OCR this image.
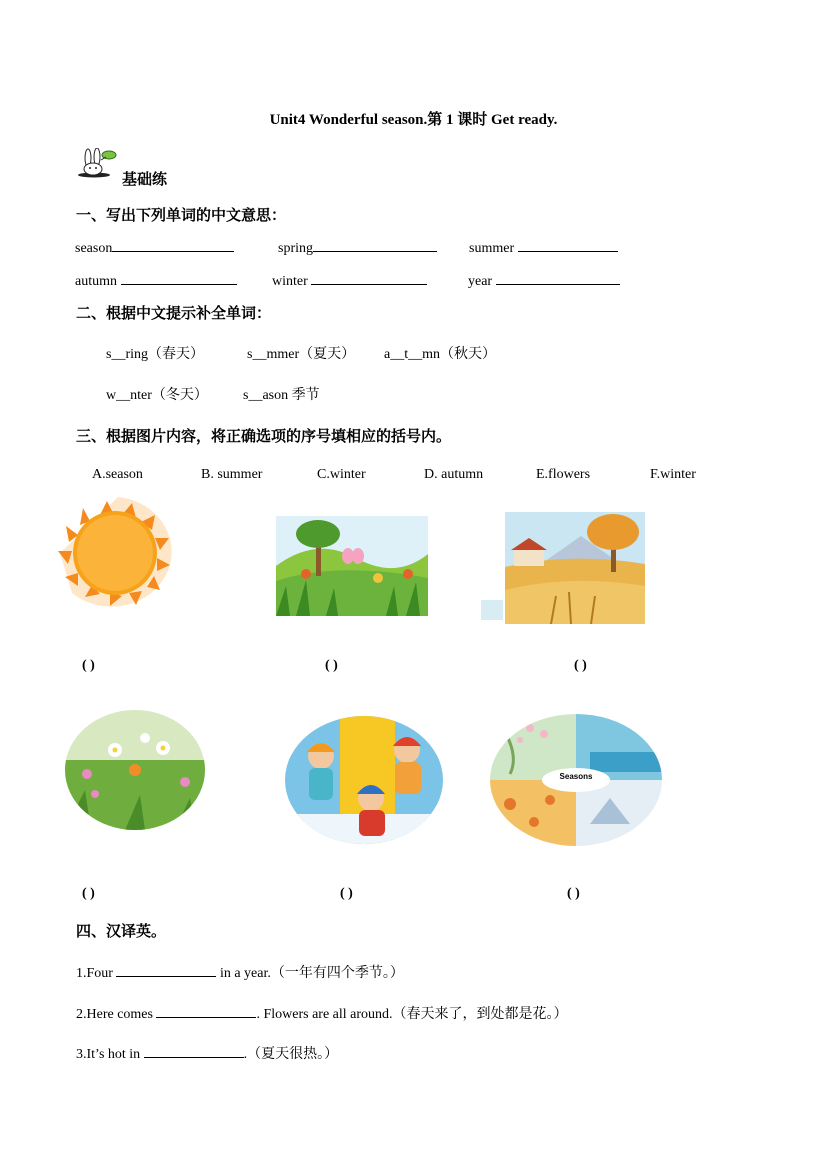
Unit4 Wonderful season.第 1 课时 Get ready.
基础练
一、写出下列单词的中文意思：
season	spring	summer
autumn	winter	year
二、根据中文提示补全单词：
s__ring（春天）	s__mmer（夏天） a__t__mn（秋天）
w__nter（冬天）	s__ason 季节
三、根据图片内容，将正确选项的序号填相应的括号内。
A.season	B. summer	C.winter	D. autumn	E.flowers	F.winter
( )	( )	( )
Seasons
( )	( )	( )
四、汉译英。
1.Four	in a year.（一年有四个季节。）
2.Here comes	. Flowers are all around.（春天来了，到处都是花。）
3.It’s hot in	.（夏天很热。）
